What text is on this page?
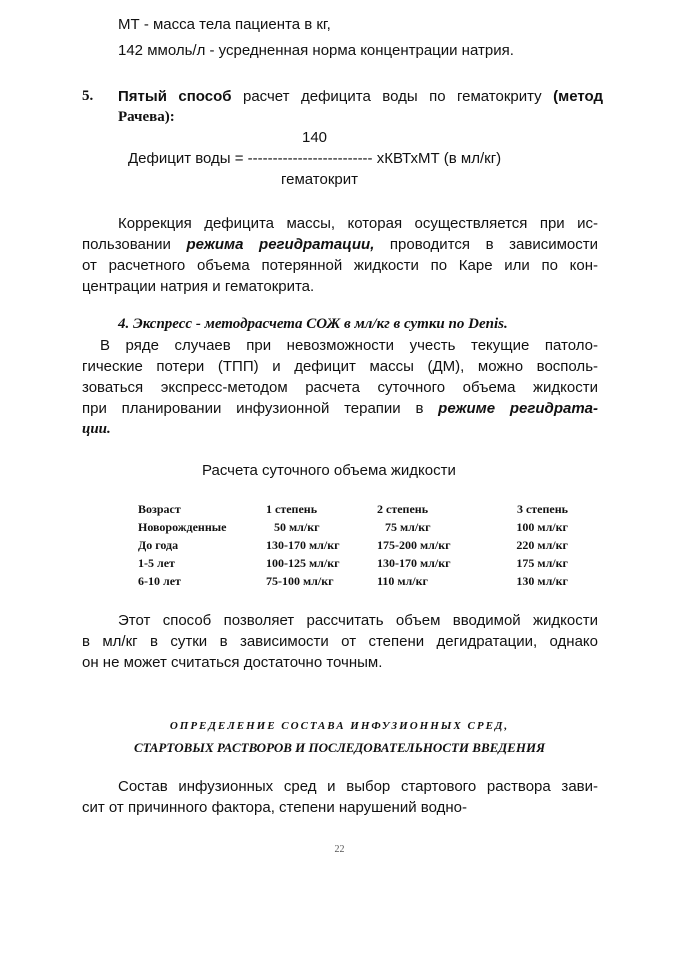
МТ - масса тела пациента в кг,
142 ммоль/л - усредненная норма концентрации натрия.
5. Пятый способ расчет дефицита воды по гематокриту (метод
Рачева):
140
Дефицит воды = ------------------------- хКВТхМТ (в мл/кг)
гематокрит
Коррекция дефицита массы, которая осуществляется при ис-
пользовании режима регидратации, проводится в зависимости
от расчетного объема потерянной жидкости по Каре или по кон-
центрации натрия и гематокрита.
4. Экспресс - методрасчета СОЖ в мл/кг в сутки по Denis.
В ряде случаев при невозможности учесть текущие патоло-
гические потери (ТПП) и дефицит массы (ДМ), можно восполь-
зоваться экспресс-методом расчета суточного объема жидкости
при планировании инфузионной терапии в режиме регидрата-
ции.
Расчета суточного объема жидкости
Возраст	1 степень	2 степень	3 степень
Новорожденные	50 мл/кг	75 мл/кг	100 мл/кг
До года	130-170 мл/кг	175-200 мл/кг	220 мл/кг
1-5 лет	100-125 мл/кг	130-170 мл/кг	175 мл/кг
6-10 лет	75-100 мл/кг	110 мл/кг	130 мл/кг
Этот способ позволяет рассчитать объем вводимой жидкости
в мл/кг в сутки в зависимости от степени дегидратации, однако
он не может считаться достаточно точным.
ОПРЕДЕЛЕНИЕ СОСТАВА ИНФУЗИОННЫХ СРЕД,
СТАРТОВЫХ РАСТВОРОВ И ПОСЛЕДОВАТЕЛЬНОСТИ ВВЕДЕНИЯ
Состав инфузионных сред и выбор стартового раствора зави-
сит от причинного фактора, степени нарушений водно-
22
